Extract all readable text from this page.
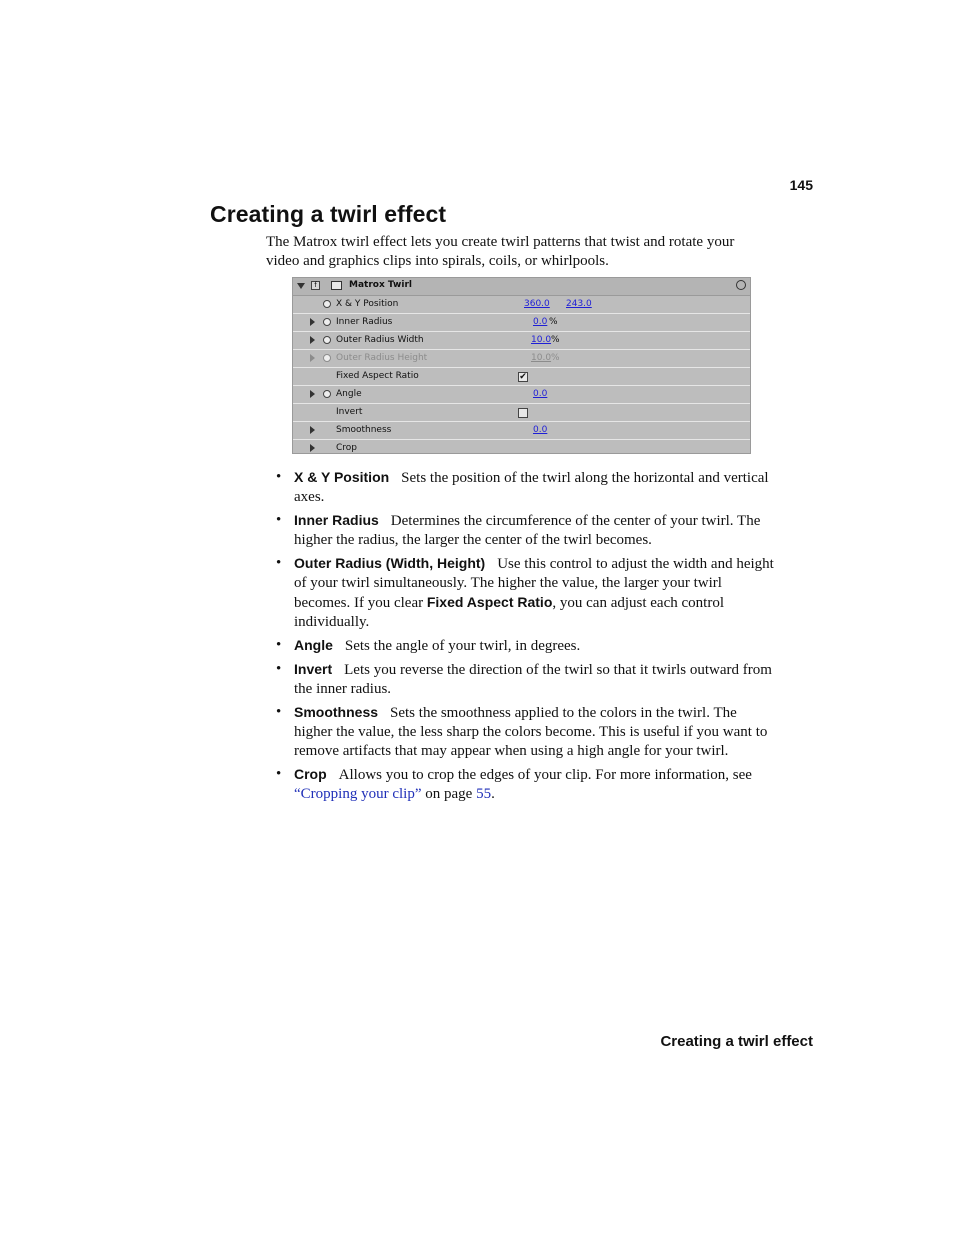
145
Creating a twirl effect

The Matrox twirl effect lets you create twirl patterns that twist and rotate your video and graphics clips into spirals, coils, or whirlpools.

f	Matrox Twirl
X & Y Position	360.0 243.0
Inner Radius	0.0 %
Outer Radius Width	10.0 %
Outer Radius Height	10.0 %
Fixed Aspect Ratio	✔
Angle	0.0
Invert
Smoothness	0.0
Crop
• X & Y Position Sets the position of the twirl along the horizontal and vertical axes.
• Inner Radius Determines the circumference of the center of your twirl. The higher the radius, the larger the center of the twirl becomes.
• Outer Radius (Width, Height) Use this control to adjust the width and height of your twirl simultaneously. The higher the value, the larger your twirl becomes. If you clear Fixed Aspect Ratio, you can adjust each control individually.
• Angle Sets the angle of your twirl, in degrees.
• Invert Lets you reverse the direction of the twirl so that it twirls outward from the inner radius.
• Smoothness Sets the smoothness applied to the colors in the twirl. The higher the value, the less sharp the colors become. This is useful if you want to remove artifacts that may appear when using a high angle for your twirl.
• Crop Allows you to crop the edges of your clip. For more information, see “Cropping your clip” on page 55.
Creating a twirl effect
